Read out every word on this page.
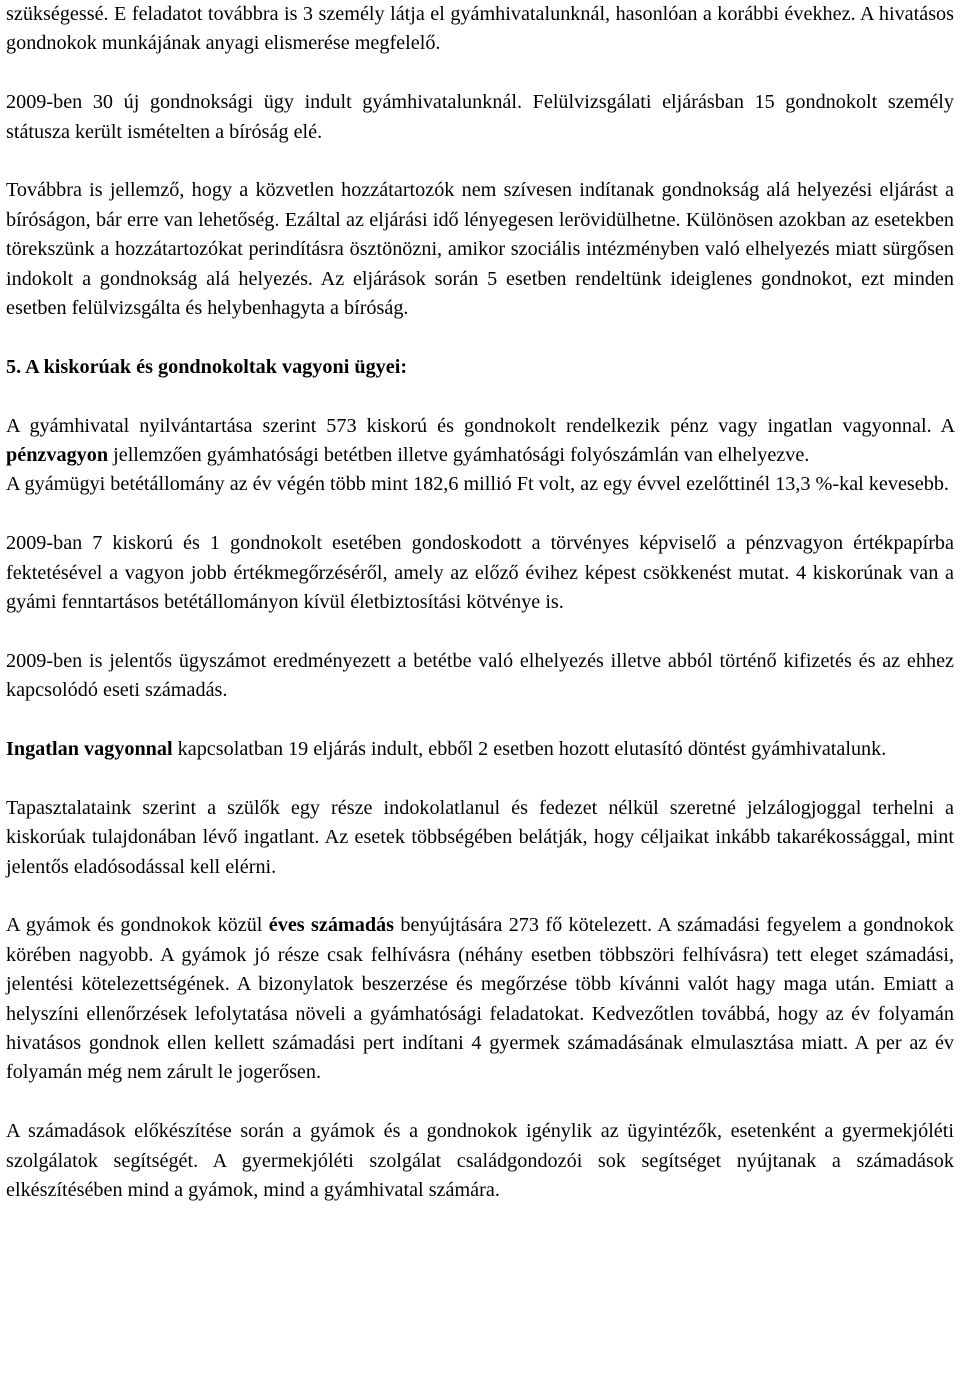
szükségessé. E feladatot továbbra is 3 személy látja el gyámhivatalunknál, hasonlóan a korábbi évekhez. A hivatásos gondnokok munkájának anyagi elismerése megfelelő.

2009-ben 30 új gondnoksági ügy indult gyámhivatalunknál. Felülvizsgálati eljárásban 15 gondnokolt személy státusza került ismételten a bíróság elé.

Továbbra is jellemző, hogy a közvetlen hozzátartozók nem szívesen indítanak gondnokság alá helyezési eljárást a bíróságon, bár erre van lehetőség. Ezáltal az eljárási idő lényegesen lerövidülhetne. Különösen azokban az esetekben törekszünk a hozzátartozókat perindításra ösztönözni, amikor szociális intézményben való elhelyezés miatt sürgősen indokolt a gondnokság alá helyezés. Az eljárások során 5 esetben rendeltünk ideiglenes gondnokot, ezt minden esetben felülvizsgálta és helybenhagyta a bíróság.

5. A kiskorúak és gondnokoltak vagyoni ügyei:

A gyámhivatal nyilvántartása szerint 573 kiskorú és gondnokolt rendelkezik pénz vagy ingatlan vagyonnal. A pénzvagyon jellemzően gyámhatósági betétben illetve gyámhatósági folyószámlán van elhelyezve.

A gyámügyi betétállomány az év végén több mint 182,6 millió Ft volt, az egy évvel ezelőttinél 13,3 %-kal kevesebb.

2009-ban 7 kiskorú és 1 gondnokolt esetében gondoskodott a törvényes képviselő a pénzvagyon értékpapírba fektetésével a vagyon jobb értékmegőrzéséről, amely az előző évihez képest csökkenést mutat. 4 kiskorúnak van a gyámi fenntartásos betétállományon kívül életbiztosítási kötvénye is.

2009-ben is jelentős ügyszámot eredményezett a betétbe való elhelyezés illetve abból történő kifizetés és az ehhez kapcsolódó eseti számadás.

Ingatlan vagyonnal kapcsolatban 19 eljárás indult, ebből 2 esetben hozott elutasító döntést gyámhivatalunk.

Tapasztalataink szerint a szülők egy része indokolatlanul és fedezet nélkül szeretné jelzálogjoggal terhelni a kiskorúak tulajdonában lévő ingatlant. Az esetek többségében belátják, hogy céljaikat inkább takarékossággal, mint jelentős eladósodással kell elérni.

A gyámok és gondnokok közül éves számadás benyújtására 273 fő kötelezett. A számadási fegyelem a gondnokok körében nagyobb. A gyámok jó része csak felhívásra (néhány esetben többszöri felhívásra) tett eleget számadási, jelentési kötelezettségének. A bizonylatok beszerzése és megőrzése több kívánni valót hagy maga után. Emiatt a helyszíni ellenőrzések lefolytatása növeli a gyámhatósági feladatokat. Kedvezőtlen továbbá, hogy az év folyamán hivatásos gondnok ellen kellett számadási pert indítani 4 gyermek számadásának elmulasztása miatt. A per az év folyamán még nem zárult le jogerősen.

A számadások előkészítése során a gyámok és a gondnokok igénylik az ügyintézők, esetenként a gyermekjóléti szolgálatok segítségét. A gyermekjóléti szolgálat családgondozói sok segítséget nyújtanak a számadások elkészítésében mind a gyámok, mind a gyámhivatal számára.
